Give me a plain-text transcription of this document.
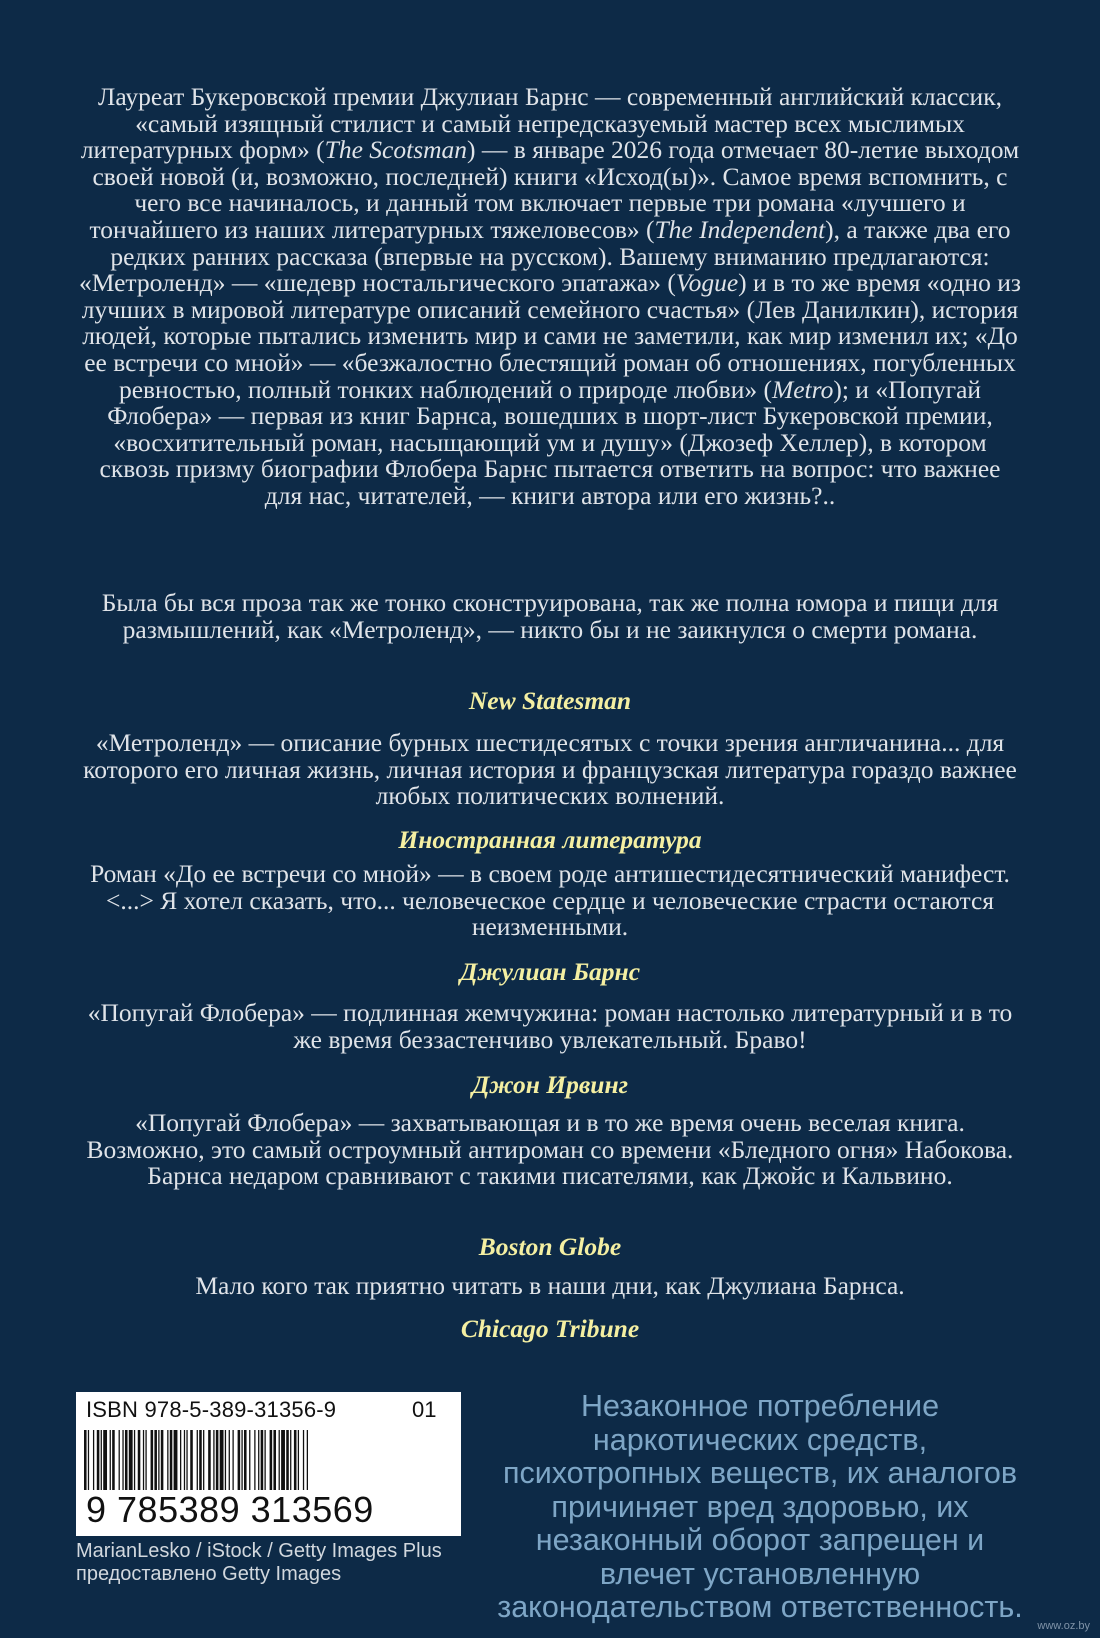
Лауреат Букеровской премии Джулиан Барнс — современный английский классик, «самый изящный стилист и самый непредсказуемый мастер всех мыслимых литературных форм» (The Scotsman) — в январе 2026 года отмечает 80-летие выходом своей новой (и, возможно, последней) книги «Исход(ы)». Самое время вспомнить, с чего все начиналось, и данный том включает первые три романа «лучшего и тончайшего из наших литературных тяжеловесов» (The Independent), а также два его редких ранних рассказа (впервые на русском). Вашему вниманию предлагаются: «Метроленд» — «шедевр ностальгического эпатажа» (Vogue) и в то же время «одно из лучших в мировой литературе описаний семейного счастья» (Лев Данилкин), история людей, которые пытались изменить мир и сами не заметили, как мир изменил их; «До ее встречи со мной» — «безжалостно блестящий роман об отношениях, погубленных ревностью, полный тонких наблюдений о природе любви» (Metro); и «Попугай Флобера» — первая из книг Барнса, вошедших в шорт-лист Букеровской премии, «восхитительный роман, насыщающий ум и душу» (Джозеф Хеллер), в котором сквозь призму биографии Флобера Барнс пытается ответить на вопрос: что важнее для нас, читателей, — книги автора или его жизнь?..

Была бы вся проза так же тонко сконструирована, так же полна юмора и пищи для размышлений, как «Метроленд», — никто бы и не заикнулся о смерти романа.

New Statesman

«Метроленд» — описание бурных шестидесятых с точки зрения англичанина... для которого его личная жизнь, личная история и французская литература гораздо важнее любых политических волнений.

Иностранная литература

Роман «До ее встречи со мной» — в своем роде антишестидесятнический манифест. <...> Я хотел сказать, что... человеческое сердце и человеческие страсти остаются неизменными.

Джулиан Барнс

«Попугай Флобера» — подлинная жемчужина: роман настолько литературный и в то же время беззастенчиво увлекательный. Браво!

Джон Ирвинг

«Попугай Флобера» — захватывающая и в то же время очень веселая книга. Возможно, это самый остроумный антироман со времени «Бледного огня» Набокова. Барнса недаром сравнивают с такими писателями, как Джойс и Кальвино.

Boston Globe

Мало кого так приятно читать в наши дни, как Джулиана Барнса.

Chicago Tribune
ISBN 978-5-389-31356-9	01
9 785389 313569
MarianLesko / iStock / Getty Images Plus
предоставлено Getty Images
Незаконное потребление наркотических средств, психотропных веществ, их аналогов причиняет вред здоровью, их незаконный оборот запрещен и влечет установленную законодательством ответственность.
www.oz.by
